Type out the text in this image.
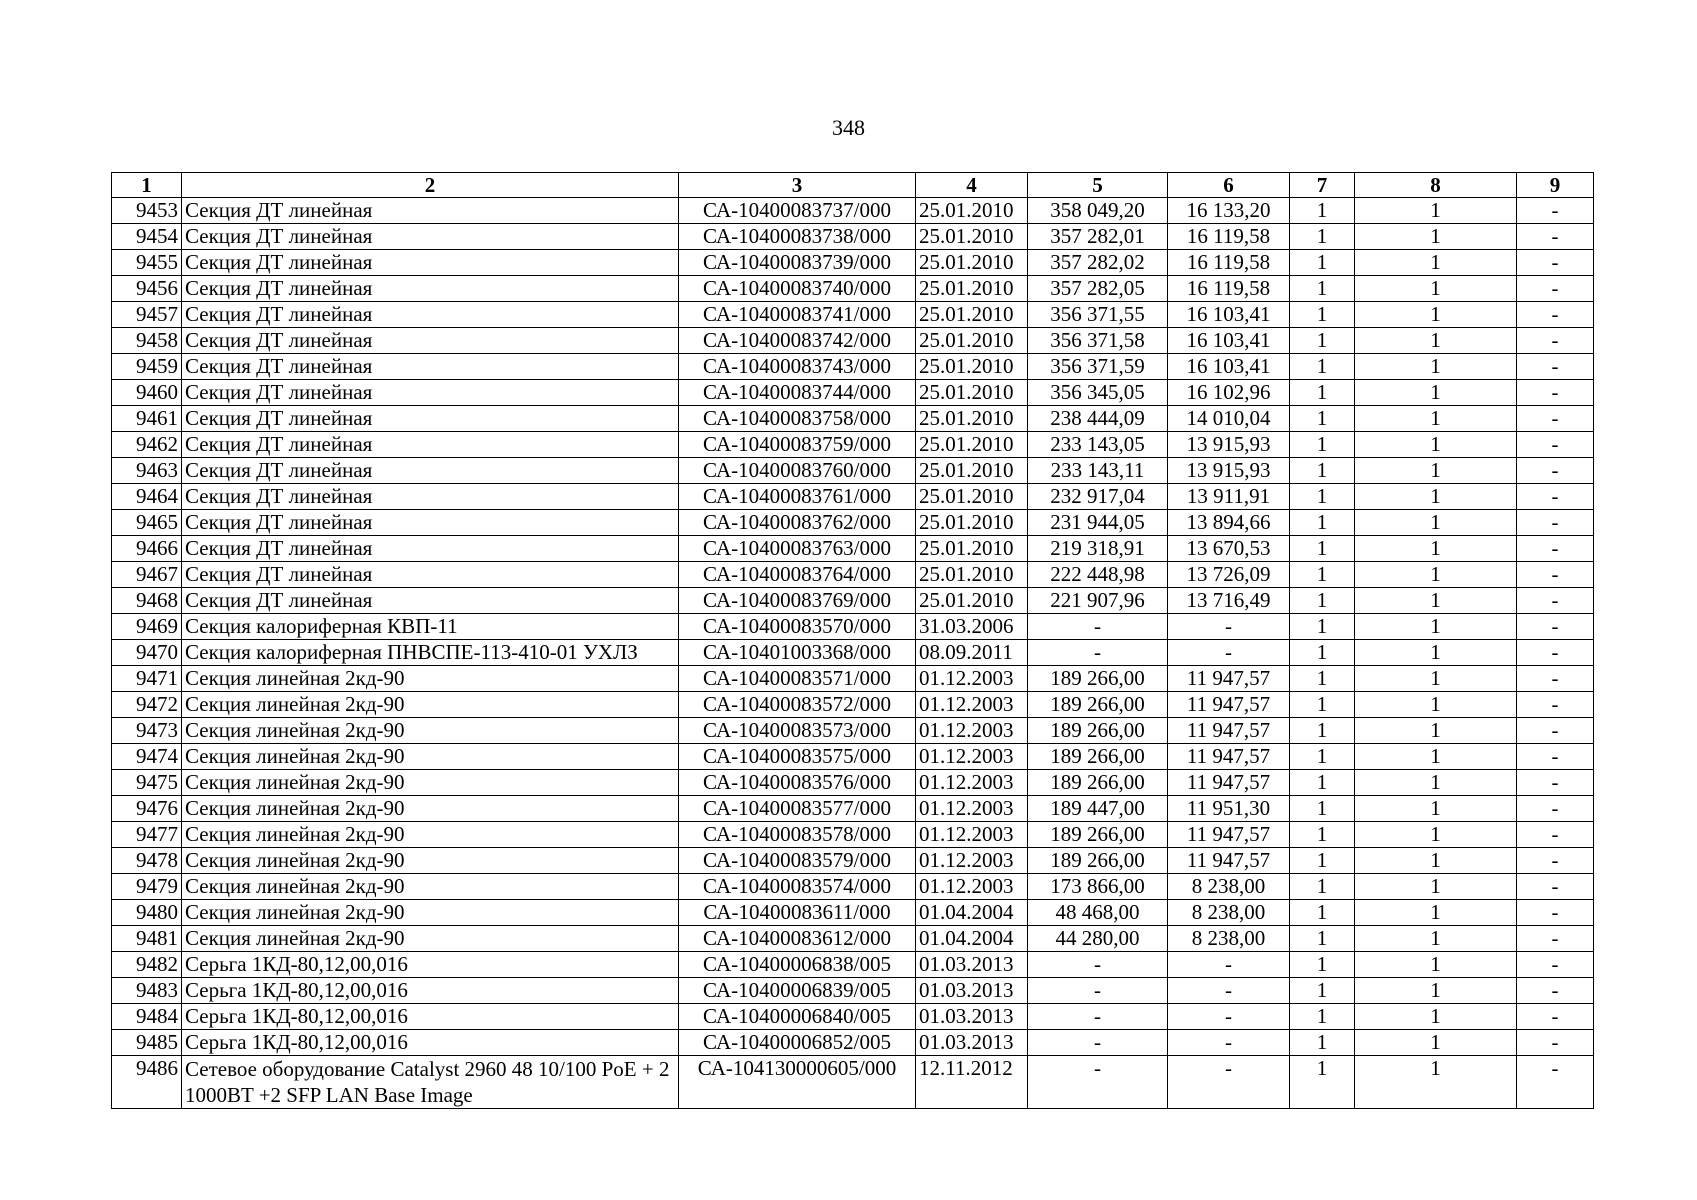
348
1	2	3	4	5	6	7	8	9
9453	Секция ДТ линейная	СА-10400083737/000	25.01.2010	358 049,20	16 133,20	1	1	-
9454	Секция ДТ линейная	СА-10400083738/000	25.01.2010	357 282,01	16 119,58	1	1	-
9455	Секция ДТ линейная	СА-10400083739/000	25.01.2010	357 282,02	16 119,58	1	1	-
9456	Секция ДТ линейная	СА-10400083740/000	25.01.2010	357 282,05	16 119,58	1	1	-
9457	Секция ДТ линейная	СА-10400083741/000	25.01.2010	356 371,55	16 103,41	1	1	-
9458	Секция ДТ линейная	СА-10400083742/000	25.01.2010	356 371,58	16 103,41	1	1	-
9459	Секция ДТ линейная	СА-10400083743/000	25.01.2010	356 371,59	16 103,41	1	1	-
9460	Секция ДТ линейная	СА-10400083744/000	25.01.2010	356 345,05	16 102,96	1	1	-
9461	Секция ДТ линейная	СА-10400083758/000	25.01.2010	238 444,09	14 010,04	1	1	-
9462	Секция ДТ линейная	СА-10400083759/000	25.01.2010	233 143,05	13 915,93	1	1	-
9463	Секция ДТ линейная	СА-10400083760/000	25.01.2010	233 143,11	13 915,93	1	1	-
9464	Секция ДТ линейная	СА-10400083761/000	25.01.2010	232 917,04	13 911,91	1	1	-
9465	Секция ДТ линейная	СА-10400083762/000	25.01.2010	231 944,05	13 894,66	1	1	-
9466	Секция ДТ линейная	СА-10400083763/000	25.01.2010	219 318,91	13 670,53	1	1	-
9467	Секция ДТ линейная	СА-10400083764/000	25.01.2010	222 448,98	13 726,09	1	1	-
9468	Секция ДТ линейная	СА-10400083769/000	25.01.2010	221 907,96	13 716,49	1	1	-
9469	Секция калориферная КВП-11	СА-10400083570/000	31.03.2006	-	-	1	1	-
9470	Секция калориферная ПНВСПЕ-113-410-01 УХЛЗ	СА-10401003368/000	08.09.2011	-	-	1	1	-
9471	Секция линейная 2кд-90	СА-10400083571/000	01.12.2003	189 266,00	11 947,57	1	1	-
9472	Секция линейная 2кд-90	СА-10400083572/000	01.12.2003	189 266,00	11 947,57	1	1	-
9473	Секция линейная 2кд-90	СА-10400083573/000	01.12.2003	189 266,00	11 947,57	1	1	-
9474	Секция линейная 2кд-90	СА-10400083575/000	01.12.2003	189 266,00	11 947,57	1	1	-
9475	Секция линейная 2кд-90	СА-10400083576/000	01.12.2003	189 266,00	11 947,57	1	1	-
9476	Секция линейная 2кд-90	СА-10400083577/000	01.12.2003	189 447,00	11 951,30	1	1	-
9477	Секция линейная 2кд-90	СА-10400083578/000	01.12.2003	189 266,00	11 947,57	1	1	-
9478	Секция линейная 2кд-90	СА-10400083579/000	01.12.2003	189 266,00	11 947,57	1	1	-
9479	Секция линейная 2кд-90	СА-10400083574/000	01.12.2003	173 866,00	8 238,00	1	1	-
9480	Секция линейная 2кд-90	СА-10400083611/000	01.04.2004	48 468,00	8 238,00	1	1	-
9481	Секция линейная 2кд-90	СА-10400083612/000	01.04.2004	44 280,00	8 238,00	1	1	-
9482	Серьга 1КД-80,12,00,016	СА-10400006838/005	01.03.2013	-	-	1	1	-
9483	Серьга 1КД-80,12,00,016	СА-10400006839/005	01.03.2013	-	-	1	1	-
9484	Серьга 1КД-80,12,00,016	СА-10400006840/005	01.03.2013	-	-	1	1	-
9485	Серьга 1КД-80,12,00,016	СА-10400006852/005	01.03.2013	-	-	1	1	-
9486	Сетевое оборудование Catalyst 2960 48 10/100 PoE + 2 1000BT +2 SFP LAN Base Image	СА-104130000605/000	12.11.2012	-	-	1	1	-
